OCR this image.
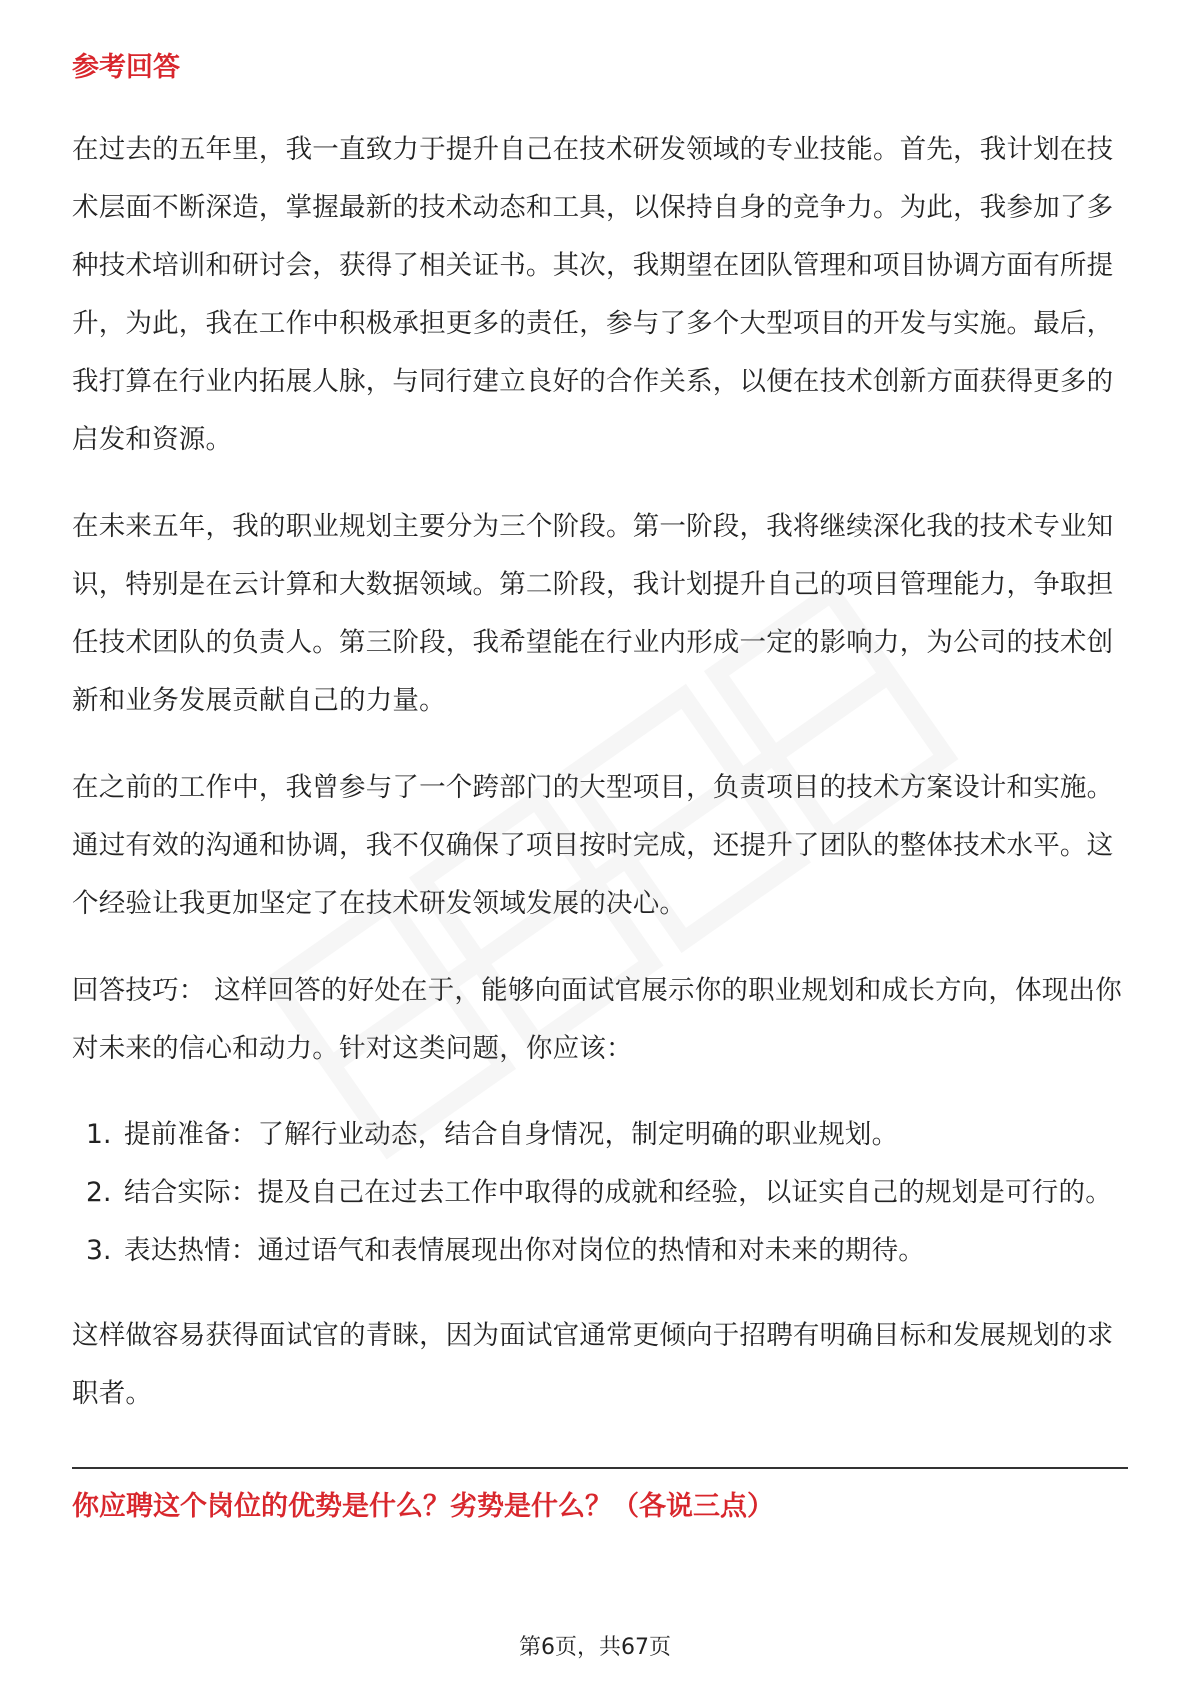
参考回答

在过去的五年里，我一直致力于提升自己在技术研发领域的专业技能。首先，我计划在技术层面不断深造，掌握最新的技术动态和工具，以保持自身的竞争力。为此，我参加了多种技术培训和研讨会，获得了相关证书。其次，我期望在团队管理和项目协调方面有所提升，为此，我在工作中积极承担更多的责任，参与了多个大型项目的开发与实施。最后，我打算在行业内拓展人脉，与同行建立良好的合作关系，以便在技术创新方面获得更多的启发和资源。

在未来五年，我的职业规划主要分为三个阶段。第一阶段，我将继续深化我的技术专业知识，特别是在云计算和大数据领域。第二阶段，我计划提升自己的项目管理能力，争取担任技术团队的负责人。第三阶段，我希望能在行业内形成一定的影响力，为公司的技术创新和业务发展贡献自己的力量。

在之前的工作中，我曾参与了一个跨部门的大型项目，负责项目的技术方案设计和实施。通过有效的沟通和协调，我不仅确保了项目按时完成，还提升了团队的整体技术水平。这个经验让我更加坚定了在技术研发领域发展的决心。

回答技巧： 这样回答的好处在于，能够向面试官展示你的职业规划和成长方向，体现出你对未来的信心和动力。针对这类问题，你应该：

1. 提前准备：了解行业动态，结合自身情况，制定明确的职业规划。
2. 结合实际：提及自己在过去工作中取得的成就和经验，以证实自己的规划是可行的。
3. 表达热情：通过语气和表情展现出你对岗位的热情和对未来的期待。

这样做容易获得面试官的青睐，因为面试官通常更倾向于招聘有明确目标和发展规划的求职者。

你应聘这个岗位的优势是什么？劣势是什么？（各说三点）
第6页，共67页
